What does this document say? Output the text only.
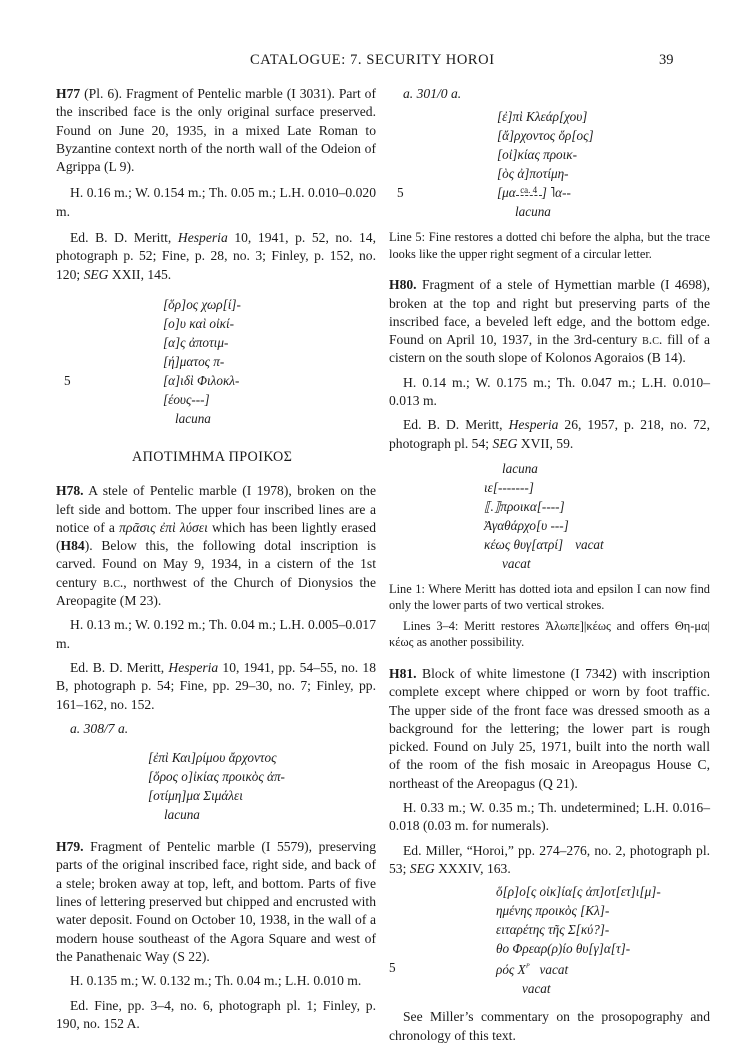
CATALOGUE: 7. SECURITY HOROI	39

H77 (Pl. 6). Fragment of Pentelic marble (I 3031). Part of the inscribed face is the only original surface preserved. Found on June 20, 1935, in a mixed Late Roman to Byzantine context north of the north wall of the Odeion of Agrippa (L 9).

H. 0.16 m.; W. 0.154 m.; Th. 0.05 m.; L.H. 0.010–0.020 m.

Ed. B. D. Meritt, Hesperia 10, 1941, p. 52, no. 14, photograph p. 52; Fine, p. 28, no. 3; Finley, p. 152, no. 120; SEG XXII, 145.

[ὅρ]ος χωρ[ί]-
[ο]υ καὶ οἰκί-
[α]ς ἀποτιμ-
[ή]ματος π-
5	[α]ιδὶ Φιλοκλ-
[έους---]
lacuna
ΑΠΟΤΙΜΗΜΑ ΠΡΟΙΚΟΣ

H78. A stele of Pentelic marble (I 1978), broken on the left side and bottom. The upper four inscribed lines are a notice of a πρᾶσις ἐπὶ λύσει which has been lightly erased (H84). Below this, the following dotal inscription is carved. Found on May 9, 1934, in a cistern of the 1st century b.c., northwest of the Church of Dionysios the Areopagite (M 23).

H. 0.13 m.; W. 0.192 m.; Th. 0.04 m.; L.H. 0.005–0.017 m.

Ed. B. D. Meritt, Hesperia 10, 1941, pp. 54–55, no. 18 B, photograph p. 54; Fine, pp. 29–30, no. 7; Finley, pp. 161–162, no. 152.

a. 308/7 a.

[ἐπὶ Και]ρίμου ἄρχοντος
[ὅρος ο]ἰκίας προικὸς ἀπ-
[οτίμη]μα Σιμάλει
lacuna

H79. Fragment of Pentelic marble (I 5579), preserving parts of the original inscribed face, right side, and back of a stele; broken away at top, left, and bottom. Parts of five lines of lettering preserved but chipped and encrusted with water deposit. Found on October 10, 1938, in the wall of a modern house southeast of the Agora Square and west of the Panathenaic Way (S 22).

H. 0.135 m.; W. 0.132 m.; Th. 0.04 m.; L.H. 0.010 m.

Ed. Fine, pp. 3–4, no. 6, photograph pl. 1; Finley, p. 190, no. 152 A.

a. 301/0 a.

[ἐ]πὶ Κλεάρ[χου]
[ἄ]ρχοντος ὅρ[ος]
[οἰ]κίας προικ-
[ὸς ἀ]ποτίμη-
5	[μα ca. 4 ] ˥α--
lacuna

Line 5: Fine restores a dotted chi before the alpha, but the trace looks like the upper right segment of a circular letter.

H80. Fragment of a stele of Hymettian marble (I 4698), broken at the top and right but preserving parts of the inscribed face, a beveled left edge, and the bottom edge. Found on April 10, 1937, in the 3rd-century b.c. fill of a cistern on the south slope of Kolonos Agoraios (B 14).

H. 0.14 m.; W. 0.175 m.; Th. 0.047 m.; L.H. 0.010–0.013 m.

Ed. B. D. Meritt, Hesperia 26, 1957, p. 218, no. 72, photograph pl. 54; SEG XVII, 59.

lacuna
ιε[-------]
⟦.⟧προικα[----]
Ἀγαθάρχο[υ ---]
κέως θυγ[ατρί] vacat
vacat

Line 1: Where Meritt has dotted iota and epsilon I can now find only the lower parts of two vertical strokes.

Lines 3–4: Meritt restores Ἀλωπε]|κέως and offers Θη-μα|κέως as another possibility.

H81. Block of white limestone (I 7342) with inscription complete except where chipped or worn by foot traffic. The upper side of the front face was dressed smooth as a background for the lettering; the lower part is rough picked. Found on July 25, 1971, built into the north wall of the room of the fish mosaic in Areopagus House C, northeast of the Areopagus (Q 21).

H. 0.33 m.; W. 0.35 m.; Th. undetermined; L.H. 0.016–0.018 (0.03 m. for numerals).

Ed. Miller, “Horoi,” pp. 274–276, no. 2, photograph pl. 53; SEG XXXIV, 163.

ὅ[ρ]ο[ς οἰκ]ία[ς ἀπ]οτ[ετ]ι[μ]-
ημένης προικὸς [Κλ]-
ειταρέτης τῆς Σ[κύ?]-
θο Φρεαρ(ρ)ίο θυ[γ]α[τ]-
5	ρός $X^ᴾ$ vacat
vacat

See Miller’s commentary on the prosopography and chronology of this text.
